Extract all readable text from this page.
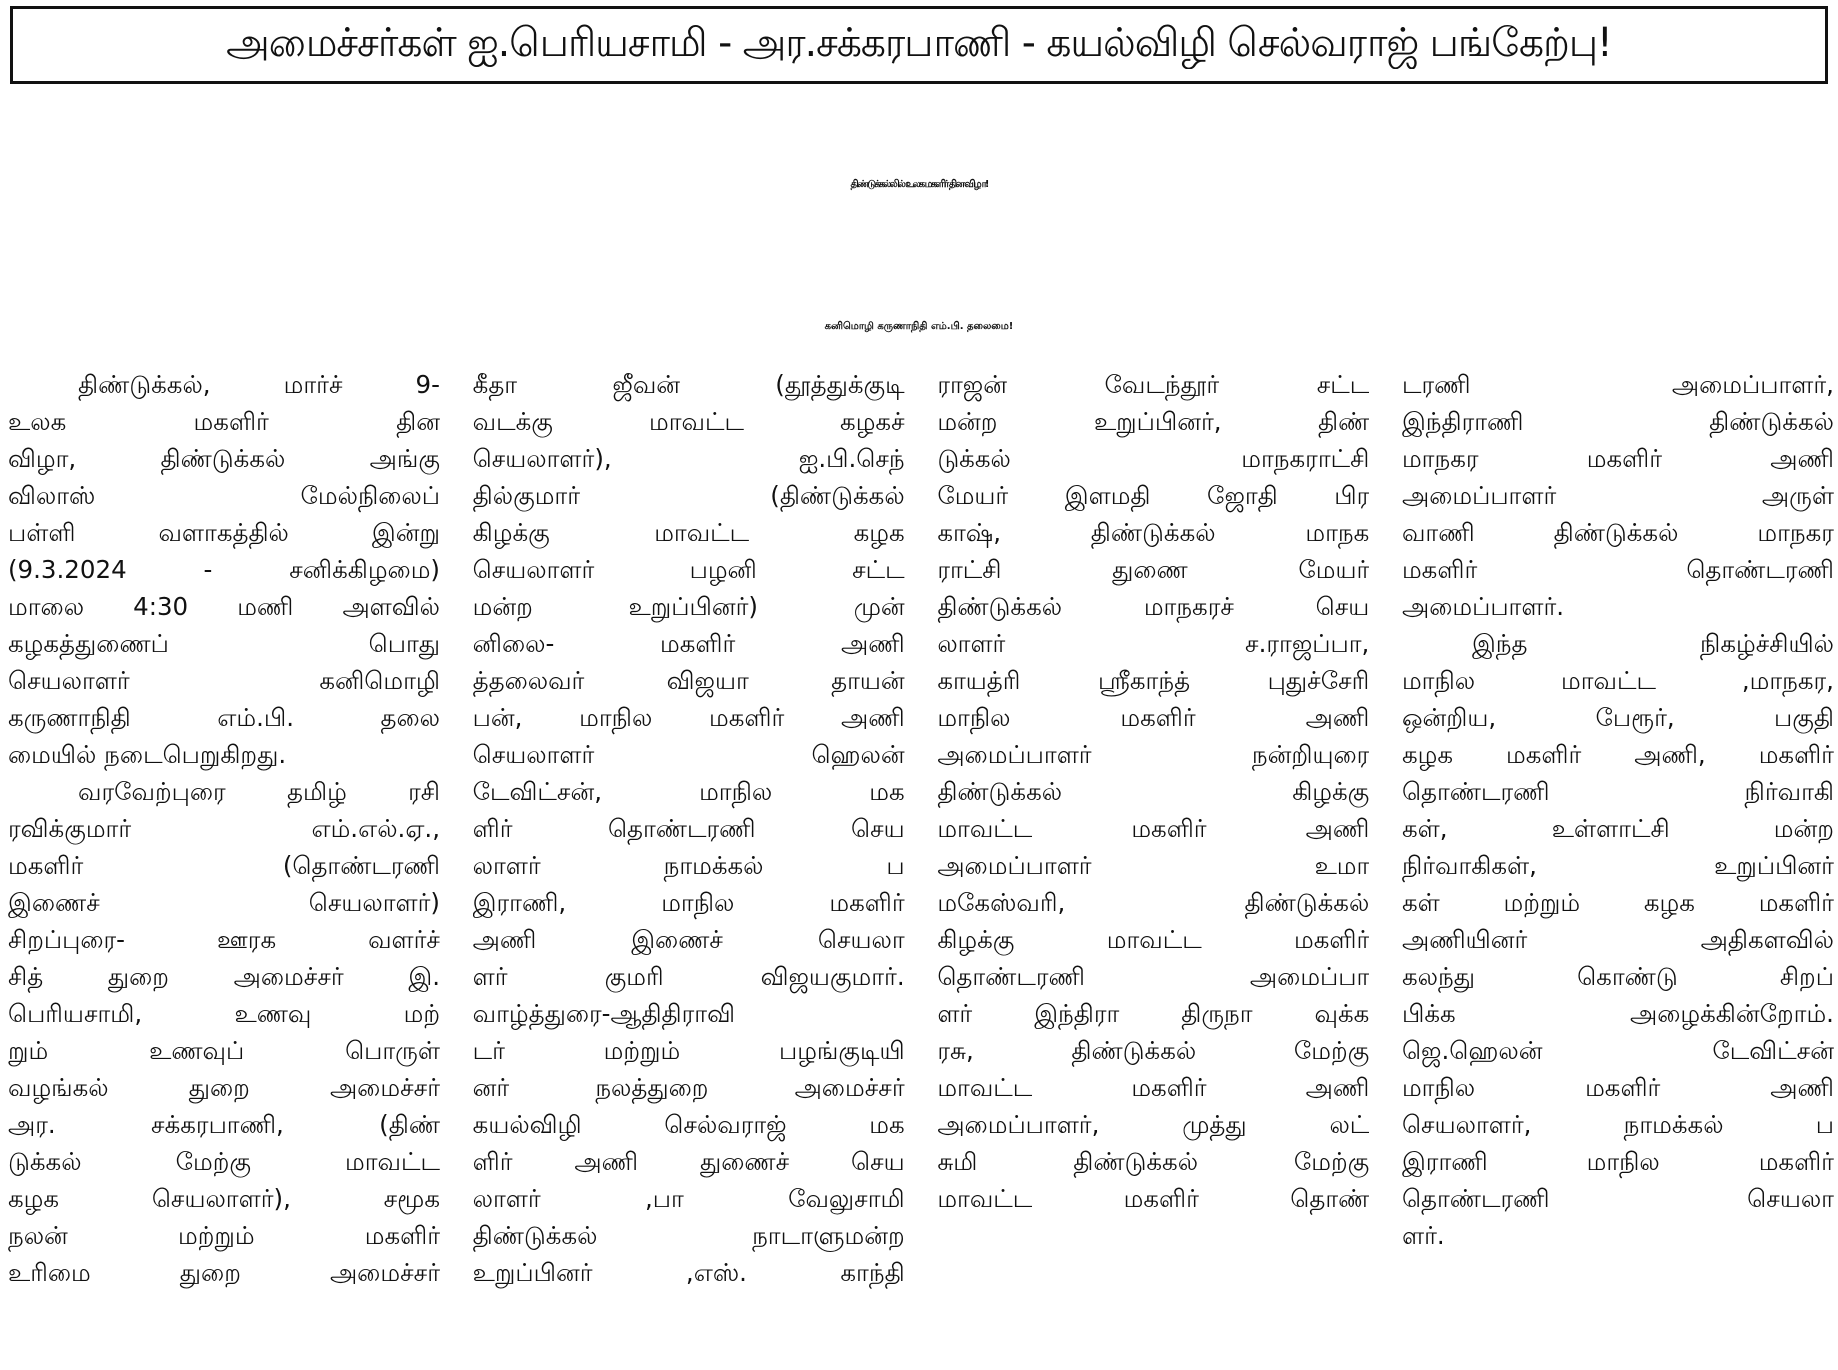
அமைச்சர்கள் ஐ.பெரியசாமி - அர.சக்கரபாணி - கயல்விழி செல்வராஜ் பங்கேற்பு!
திண்டுக்கல்லில் உலக மகளிர் தின விழா!
கனிமொழி கருணாநிதி எம்.பி. தலைமை!
திண்டுக்கல், மார்ச் 9-
உலக மகளிர் தின
விழா, திண்டுக்கல் அங்கு
விலாஸ் மேல்நிலைப்
பள்ளி வளாகத்தில் இன்று
(9.3.2024 - சனிக்கிழமை)
மாலை 4:30 மணி அளவில்
கழகத்துணைப் பொது
செயலாளர் கனிமொழி
கருணாநிதி எம்.பி. தலை
மையில் நடைபெறுகிறது.
வரவேற்புரை தமிழ் ரசி
ரவிக்குமார் எம்.எல்.ஏ.,
மகளிர் (தொண்டரணி
இணைச் செயலாளர்)
சிறப்புரை- ஊரக வளர்ச்
சித் துறை அமைச்சர் இ.
பெரியசாமி, உணவு மற்
றும் உணவுப் பொருள்
வழங்கல் துறை அமைச்சர்
அர. சக்கரபாணி, (திண்
டுக்கல் மேற்கு மாவட்ட
கழக செயலாளர்), சமூக
நலன் மற்றும் மகளிர்
உரிமை துறை அமைச்சர்
கீதா ஜீவன் (தூத்துக்குடி
வடக்கு மாவட்ட கழகச்
செயலாளர்), ஐ.பி.செந்
தில்குமார் (திண்டுக்கல்
கிழக்கு மாவட்ட கழக
செயலாளர் பழனி சட்ட
மன்ற உறுப்பினர்) முன்
னிலை- மகளிர் அணி
த்தலைவர் விஜயா தாயன்
பன், மாநில மகளிர் அணி
செயலாளர் ஹெலன்
டேவிட்சன், மாநில மக
ளிர் தொண்டரணி செய
லாளர் நாமக்கல் ப
இராணி, மாநில மகளிர்
அணி இணைச் செயலா
ளர் குமரி விஜயகுமார்.
வாழ்த்துரை-ஆதிதிராவி
டர் மற்றும் பழங்குடியி
னர் நலத்துறை அமைச்சர்
கயல்விழி செல்வராஜ் மக
ளிர் அணி துணைச் செய
லாளர் ,பா வேலுசாமி
திண்டுக்கல் நாடாளுமன்ற
உறுப்பினர் ,எஸ். காந்தி
ராஜன் வேடந்தூர் சட்ட
மன்ற உறுப்பினர், திண்
டுக்கல் மாநகராட்சி
மேயர் இளமதி ஜோதி பிர
காஷ், திண்டுக்கல் மாநக
ராட்சி துணை மேயர்
திண்டுக்கல் மாநகரச் செய
லாளர் ச.ராஜப்பா,
காயத்ரி ஸ்ரீகாந்த் புதுச்சேரி
மாநில மகளிர் அணி
அமைப்பாளர் நன்றியுரை
திண்டுக்கல் கிழக்கு
மாவட்ட மகளிர் அணி
அமைப்பாளர் உமா
மகேஸ்வரி, திண்டுக்கல்
கிழக்கு மாவட்ட மகளிர்
தொண்டரணி அமைப்பா
ளர் இந்திரா திருநா வுக்க
ரசு, திண்டுக்கல் மேற்கு
மாவட்ட மகளிர் அணி
அமைப்பாளர், முத்து லட்
சுமி திண்டுக்கல் மேற்கு
மாவட்ட மகளிர் தொண்
டரணி அமைப்பாளர்,
இந்திராணி திண்டுக்கல்
மாநகர மகளிர் அணி
அமைப்பாளர் அருள்
வாணி திண்டுக்கல் மாநகர
மகளிர் தொண்டரணி
அமைப்பாளர்.
இந்த நிகழ்ச்சியில்
மாநில மாவட்ட ,மாநகர,
ஒன்றிய, பேரூர், பகுதி
கழக மகளிர் அணி, மகளிர்
தொண்டரணி நிர்வாகி
கள், உள்ளாட்சி மன்ற
நிர்வாகிகள், உறுப்பினர்
கள் மற்றும் கழக மகளிர்
அணியினர் அதிகளவில்
கலந்து கொண்டு சிறப்
பிக்க அழைக்கின்றோம்.
ஜெ.ஹெலன் டேவிட்சன்
மாநில மகளிர் அணி
செயலாளர், நாமக்கல் ப
இராணி மாநில மகளிர்
தொண்டரணி செயலா
ளர்.
